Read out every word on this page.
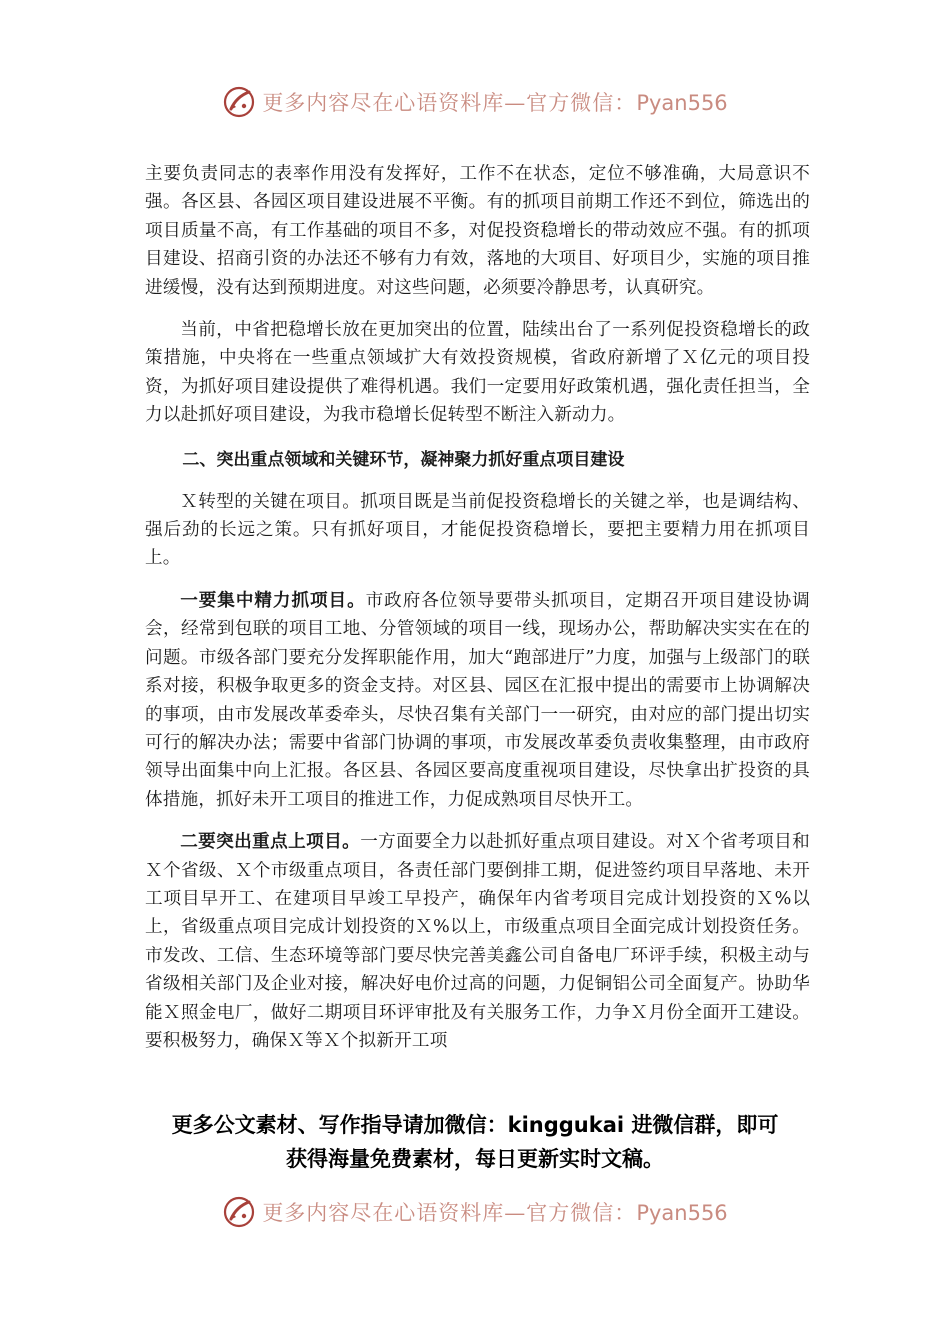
更多内容尽在心语资料库—官方微信：Pyan556

主要负责同志的表率作用没有发挥好，工作不在状态，定位不够准确，大局意识不强。各区县、各园区项目建设进展不平衡。有的抓项目前期工作还不到位，筛选出的项目质量不高，有工作基础的项目不多，对促投资稳增长的带动效应不强。有的抓项目建设、招商引资的办法还不够有力有效，落地的大项目、好项目少，实施的项目推进缓慢，没有达到预期进度。对这些问题，必须要冷静思考，认真研究。

当前，中省把稳增长放在更加突出的位置，陆续出台了一系列促投资稳增长的政策措施，中央将在一些重点领域扩大有效投资规模，省政府新增了Ｘ亿元的项目投资，为抓好项目建设提供了难得机遇。我们一定要用好政策机遇，强化责任担当，全力以赴抓好项目建设，为我市稳增长促转型不断注入新动力。

二、突出重点领域和关键环节，凝神聚力抓好重点项目建设

Ｘ转型的关键在项目。抓项目既是当前促投资稳增长的关键之举，也是调结构、强后劲的长远之策。只有抓好项目，才能促投资稳增长，要把主要精力用在抓项目上。

一要集中精力抓项目。市政府各位领导要带头抓项目，定期召开项目建设协调会，经常到包联的项目工地、分管领域的项目一线，现场办公，帮助解决实实在在的问题。市级各部门要充分发挥职能作用，加大“跑部进厅”力度，加强与上级部门的联系对接，积极争取更多的资金支持。对区县、园区在汇报中提出的需要市上协调解决的事项，由市发展改革委牵头，尽快召集有关部门一一研究，由对应的部门提出切实可行的解决办法；需要中省部门协调的事项，市发展改革委负责收集整理，由市政府领导出面集中向上汇报。各区县、各园区要高度重视项目建设，尽快拿出扩投资的具体措施，抓好未开工项目的推进工作，力促成熟项目尽快开工。

二要突出重点上项目。一方面要全力以赴抓好重点项目建设。对Ｘ个省考项目和Ｘ个省级、Ｘ个市级重点项目，各责任部门要倒排工期，促进签约项目早落地、未开工项目早开工、在建项目早竣工早投产，确保年内省考项目完成计划投资的Ｘ%以上，省级重点项目完成计划投资的Ｘ%以上，市级重点项目全面完成计划投资任务。市发改、工信、生态环境等部门要尽快完善美鑫公司自备电厂环评手续，积极主动与省级相关部门及企业对接，解决好电价过高的问题，力促铜铝公司全面复产。协助华能Ｘ照金电厂，做好二期项目环评审批及有关服务工作，力争Ｘ月份全面开工建设。要积极努力，确保Ｘ等Ｘ个拟新开工项

更多公文素材、写作指导请加微信：kinggukai 进微信群，即可
获得海量免费素材，每日更新实时文稿。
更多内容尽在心语资料库—官方微信：Pyan556
